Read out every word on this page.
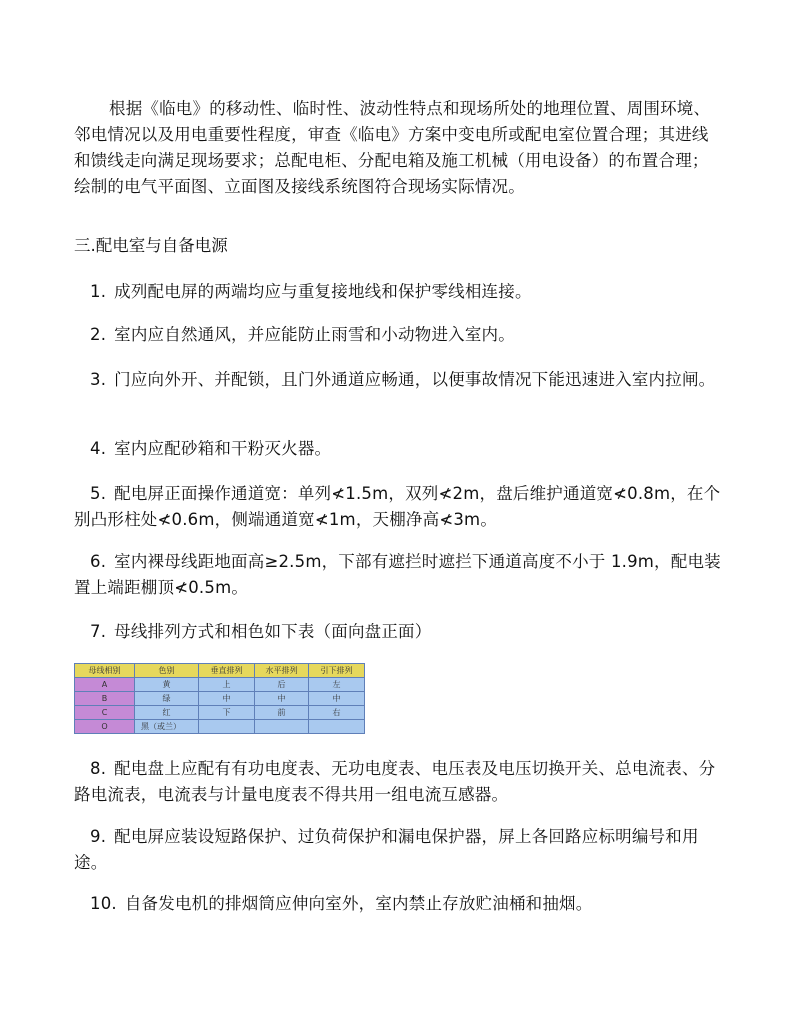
根据《临电》的移动性、临时性、波动性特点和现场所处的地理位置、周围环境、邻电情况以及用电重要性程度，审查《临电》方案中变电所或配电室位置合理；其进线和馈线走向满足现场要求；总配电柜、分配电箱及施工机械（用电设备）的布置合理；绘制的电气平面图、立面图及接线系统图符合现场实际情况。

三.配电室与自备电源

1. 成列配电屏的两端均应与重复接地线和保护零线相连接。

2. 室内应自然通风，并应能防止雨雪和小动物进入室内。

3. 门应向外开、并配锁，且门外通道应畅通，以便事故情况下能迅速进入室内拉闸。

4. 室内应配砂箱和干粉灭火器。

5. 配电屏正面操作通道宽：单列≮1.5m，双列≮2m，盘后维护通道宽≮0.8m，在个别凸形柱处≮0.6m，侧端通道宽≮1m，天棚净高≮3m。

6. 室内裸母线距地面高≥2.5m，下部有遮拦时遮拦下通道高度不小于 1.9m，配电装置上端距棚顶≮0.5m。

7. 母线排列方式和相色如下表（面向盘正面）

母线相别	色别	垂直排列	水平排列	引下排列
A	黄	上	后	左
B	绿	中	中	中
C	红	下	前	右
O	黑（或兰）			

8. 配电盘上应配有有功电度表、无功电度表、电压表及电压切换开关、总电流表、分路电流表，电流表与计量电度表不得共用一组电流互感器。

9. 配电屏应装设短路保护、过负荷保护和漏电保护器，屏上各回路应标明编号和用途。

10. 自备发电机的排烟筒应伸向室外，室内禁止存放贮油桶和抽烟。
